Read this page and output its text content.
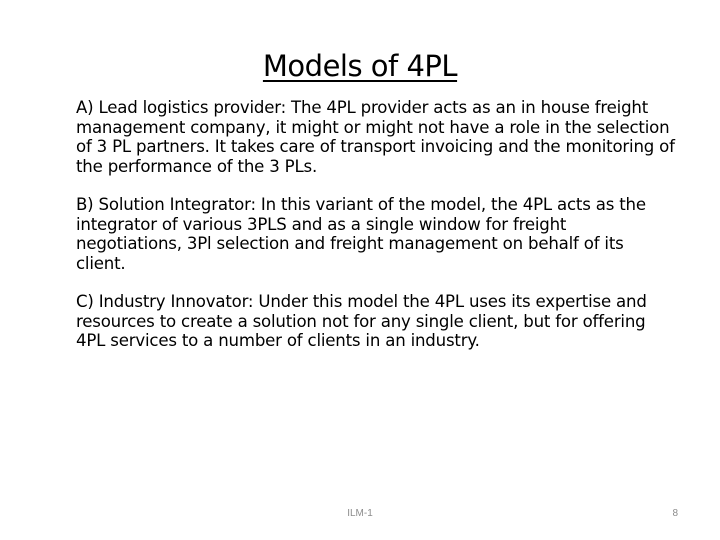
Models of 4PL

A) Lead logistics provider: The 4PL provider acts as an in house freight management company, it might or might not have a role in the selection of 3 PL partners. It takes care of transport invoicing and the monitoring of the performance of the 3 PLs.

B) Solution Integrator: In this variant of the model, the 4PL acts as the integrator of various 3PLS and as a single window for freight negotiations, 3Pl selection and freight management on behalf of its client.

C) Industry Innovator: Under this model the 4PL uses its expertise and resources to create a solution not for any single client, but for offering 4PL services to a number of clients in an industry.

ILM-1	8
